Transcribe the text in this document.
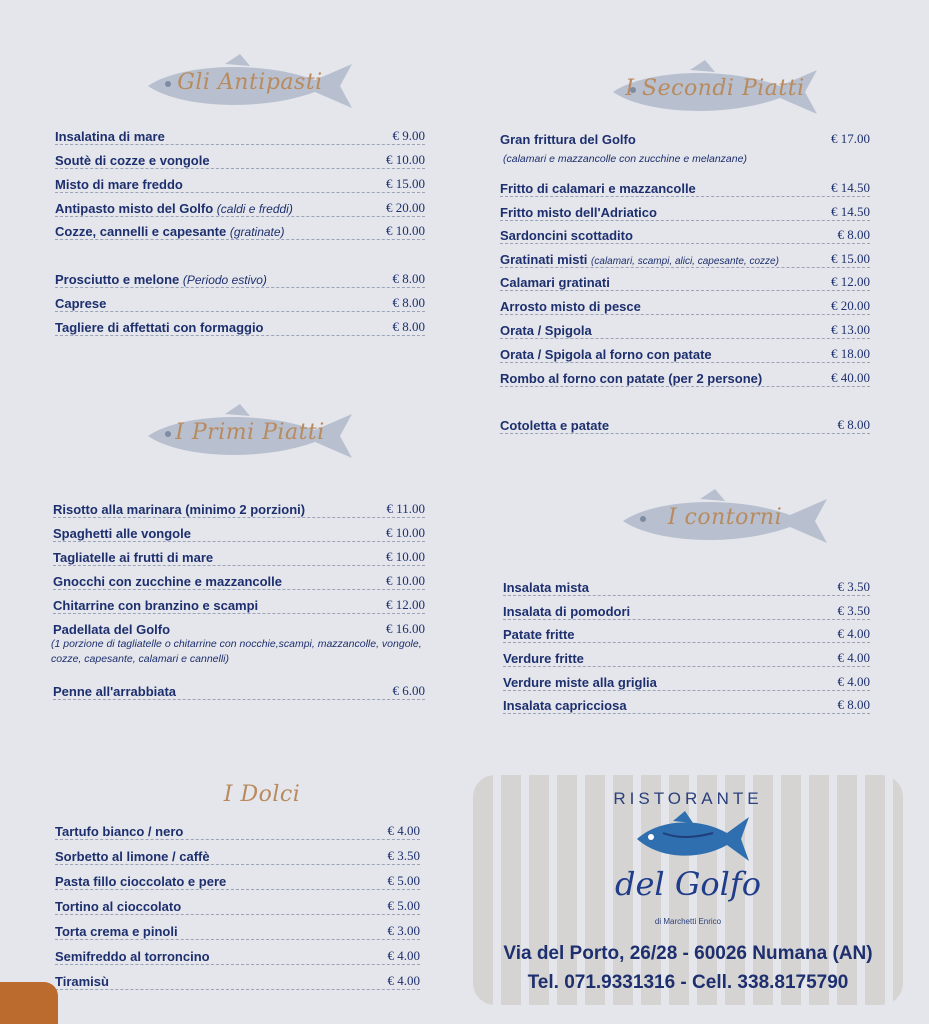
Gli Antipasti
Insalatina di mare	€ 9.00
Soutè di cozze e vongole	€ 10.00
Misto di mare freddo	€ 15.00
Antipasto misto del Golfo (caldi e freddi)	€ 20.00
Cozze, cannelli e capesante (gratinate)	€ 10.00
Prosciutto e melone (Periodo estivo)	€ 8.00
Caprese	€ 8.00
Tagliere di affettati con formaggio	€ 8.00
I Primi Piatti
Risotto alla marinara (minimo 2 porzioni)	€ 11.00
Spaghetti alle vongole	€ 10.00
Tagliatelle ai frutti di mare	€ 10.00
Gnocchi con zucchine e mazzancolle	€ 10.00
Chitarrine con branzino e scampi	€ 12.00
Padellata del Golfo	€ 16.00
(1 porzione di tagliatelle o chitarrine con nocchie,scampi, mazzancolle, vongole, cozze, capesante, calamari e cannelli)
Penne all'arrabbiata	€ 6.00
I Dolci
Tartufo bianco / nero	€ 4.00
Sorbetto al limone / caffè	€ 3.50
Pasta fillo cioccolato e pere	€ 5.00
Tortino al cioccolato	€ 5.00
Torta crema e pinoli	€ 3.00
Semifreddo al torroncino	€ 4.00
Tiramisù	€ 4.00
I Secondi Piatti
Gran frittura del Golfo	€ 17.00
(calamari e mazzancolle con zucchine e melanzane)
Fritto di calamari e mazzancolle	€ 14.50
Fritto misto dell'Adriatico	€ 14.50
Sardoncini scottadito	€ 8.00
Gratinati misti (calamari, scampi, alici, capesante, cozze)	€ 15.00
Calamari gratinati	€ 12.00
Arrosto misto di pesce	€ 20.00
Orata / Spigola	€ 13.00
Orata / Spigola al forno con patate	€ 18.00
Rombo al forno con patate (per 2 persone)	€ 40.00
Cotoletta e patate	€ 8.00
I contorni
Insalata mista	€ 3.50
Insalata di pomodori	€ 3.50
Patate fritte	€ 4.00
Verdure fritte	€ 4.00
Verdure miste alla griglia	€ 4.00
Insalata capricciosa	€ 8.00
RISTORANTE
del Golfo
di Marchetti Enrico
Via del Porto, 26/28 - 60026 Numana (AN)
Tel. 071.9331316 - Cell. 338.8175790
